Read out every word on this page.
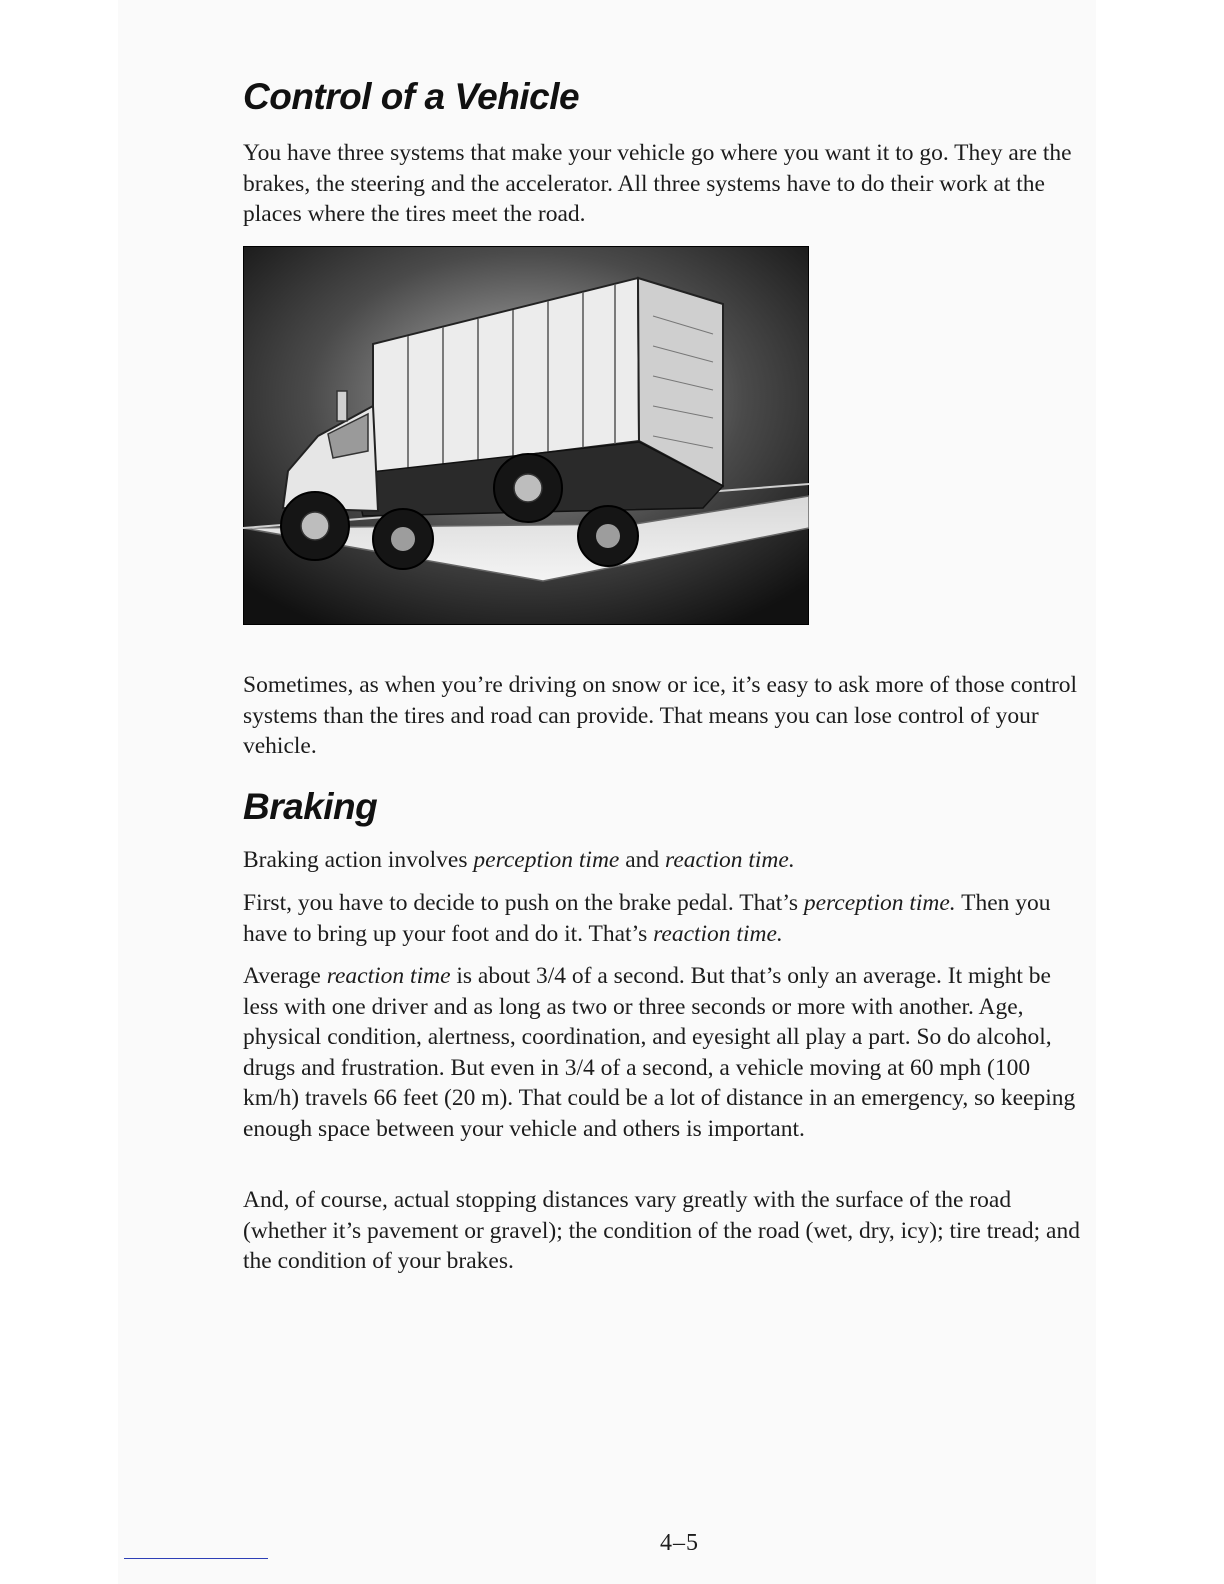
Control of a Vehicle

You have three systems that make your vehicle go where you want it to go. They are the brakes, the steering and the accelerator. All three systems have to do their work at the places where the tires meet the road.

Sometimes, as when you’re driving on snow or ice, it’s easy to ask more of those control systems than the tires and road can provide. That means you can lose control of your vehicle.

Braking

Braking action involves perception time and reaction time.

First, you have to decide to push on the brake pedal. That’s perception time. Then you have to bring up your foot and do it. That’s reaction time.

Average reaction time is about 3/4 of a second. But that’s only an average. It might be less with one driver and as long as two or three seconds or more with another. Age, physical condition, alertness, coordination, and eyesight all play a part. So do alcohol, drugs and frustration. But even in 3/4 of a second, a vehicle moving at 60 mph (100 km/h) travels 66 feet (20 m). That could be a lot of distance in an emergency, so keeping enough space between your vehicle and others is important.

And, of course, actual stopping distances vary greatly with the surface of the road (whether it’s pavement or gravel); the condition of the road (wet, dry, icy); tire tread; and the condition of your brakes.

4–5
